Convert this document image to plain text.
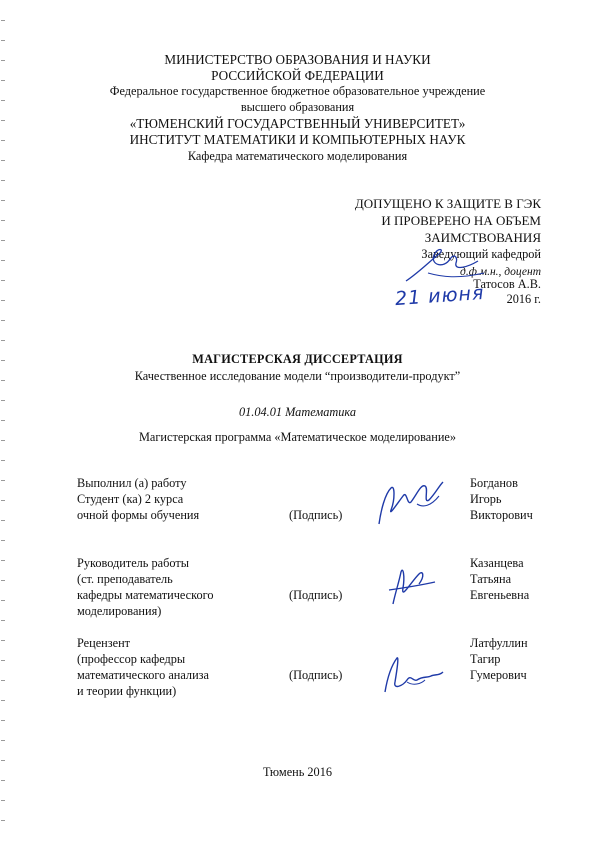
МИНИСТЕРСТВО ОБРАЗОВАНИЯ И НАУКИ
РОССИЙСКОЙ ФЕДЕРАЦИИ
Федеральное государственное бюджетное образовательное учреждение
высшего образования
«ТЮМЕНСКИЙ ГОСУДАРСТВЕННЫЙ УНИВЕРСИТЕТ»
ИНСТИТУТ МАТЕМАТИКИ И КОМПЬЮТЕРНЫХ НАУК
Кафедра математического моделирования
ДОПУЩЕНО К ЗАЩИТЕ В ГЭК
И ПРОВЕРЕНО НА ОБЪЕМ
ЗАИМСТВОВАНИЯ
Заведующий кафедрой
д.ф.м.н., доцент
Татосов А.В.
2016 г.
21 июня
МАГИСТЕРСКАЯ ДИССЕРТАЦИЯ
Качественное исследование модели “производители-продукт”
01.04.01 Математика
Магистерская программа «Математическое моделирование»
Выполнил (а) работу
Студент (ка) 2 курса
очной формы обучения	(Подпись)
Богданов
Игорь
Викторович
Руководитель работы
(ст. преподаватель
кафедры математического
моделирования)
(Подпись)
Казанцева
Татьяна
Евгеньевна
Рецензент
(профессор кафедры
математического анализа
и теории функции)
(Подпись)
Латфуллин
Тагир
Гумерович
Тюмень 2016
